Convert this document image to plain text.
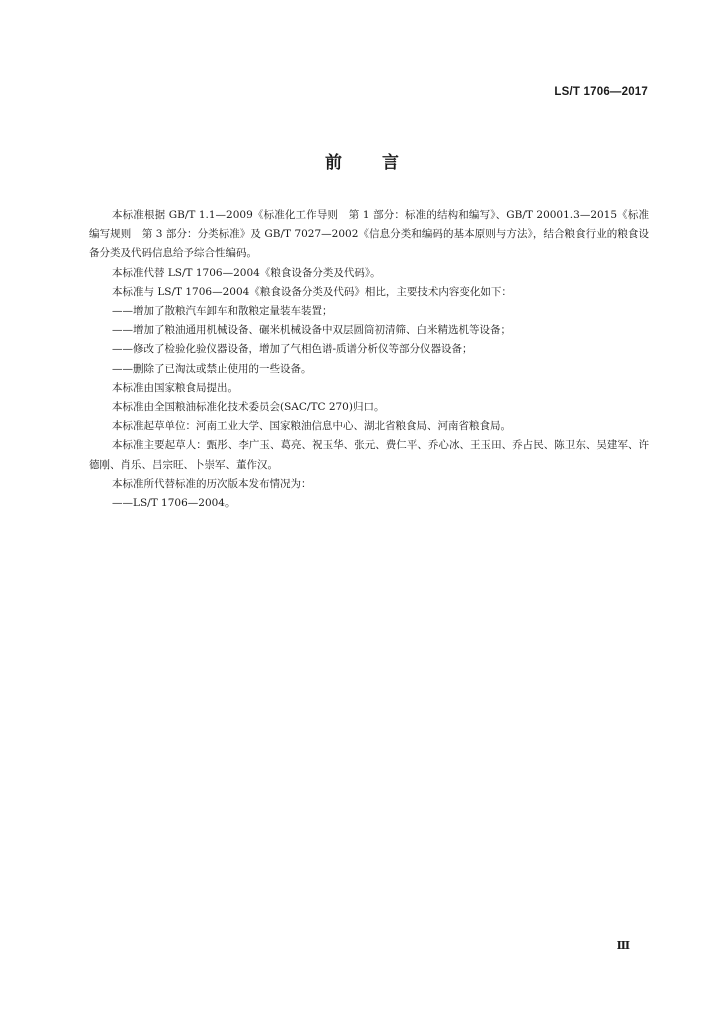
LS/T 1706—2017
前 言

本标准根据 GB/T 1.1—2009《标准化工作导则　第 1 部分：标准的结构和编写》、GB/T 20001.3—2015《标准编写规则　第 3 部分：分类标准》及 GB/T 7027—2002《信息分类和编码的基本原则与方法》，结合粮食行业的粮食设备分类及代码信息给予综合性编码。

本标准代替 LS/T 1706—2004《粮食设备分类及代码》。

本标准与 LS/T 1706—2004《粮食设备分类及代码》相比，主要技术内容变化如下：

——增加了散粮汽车卸车和散粮定量装车装置；

——增加了粮油通用机械设备、碾米机械设备中双层圆筒初清筛、白米精选机等设备；

——修改了检验化验仪器设备，增加了气相色谱-质谱分析仪等部分仪器设备；

——删除了已淘汰或禁止使用的一些设备。

本标准由国家粮食局提出。

本标准由全国粮油标准化技术委员会(SAC/TC 270)归口。

本标准起草单位：河南工业大学、国家粮油信息中心、湖北省粮食局、河南省粮食局。

本标准主要起草人：甄彤、李广玉、葛亮、祝玉华、张元、费仁平、乔心冰、王玉田、乔占民、陈卫东、吴建军、许德刚、肖乐、吕宗旺、卜崇军、董作汉。

本标准所代替标准的历次版本发布情况为：

——LS/T 1706—2004。

Ⅲ
